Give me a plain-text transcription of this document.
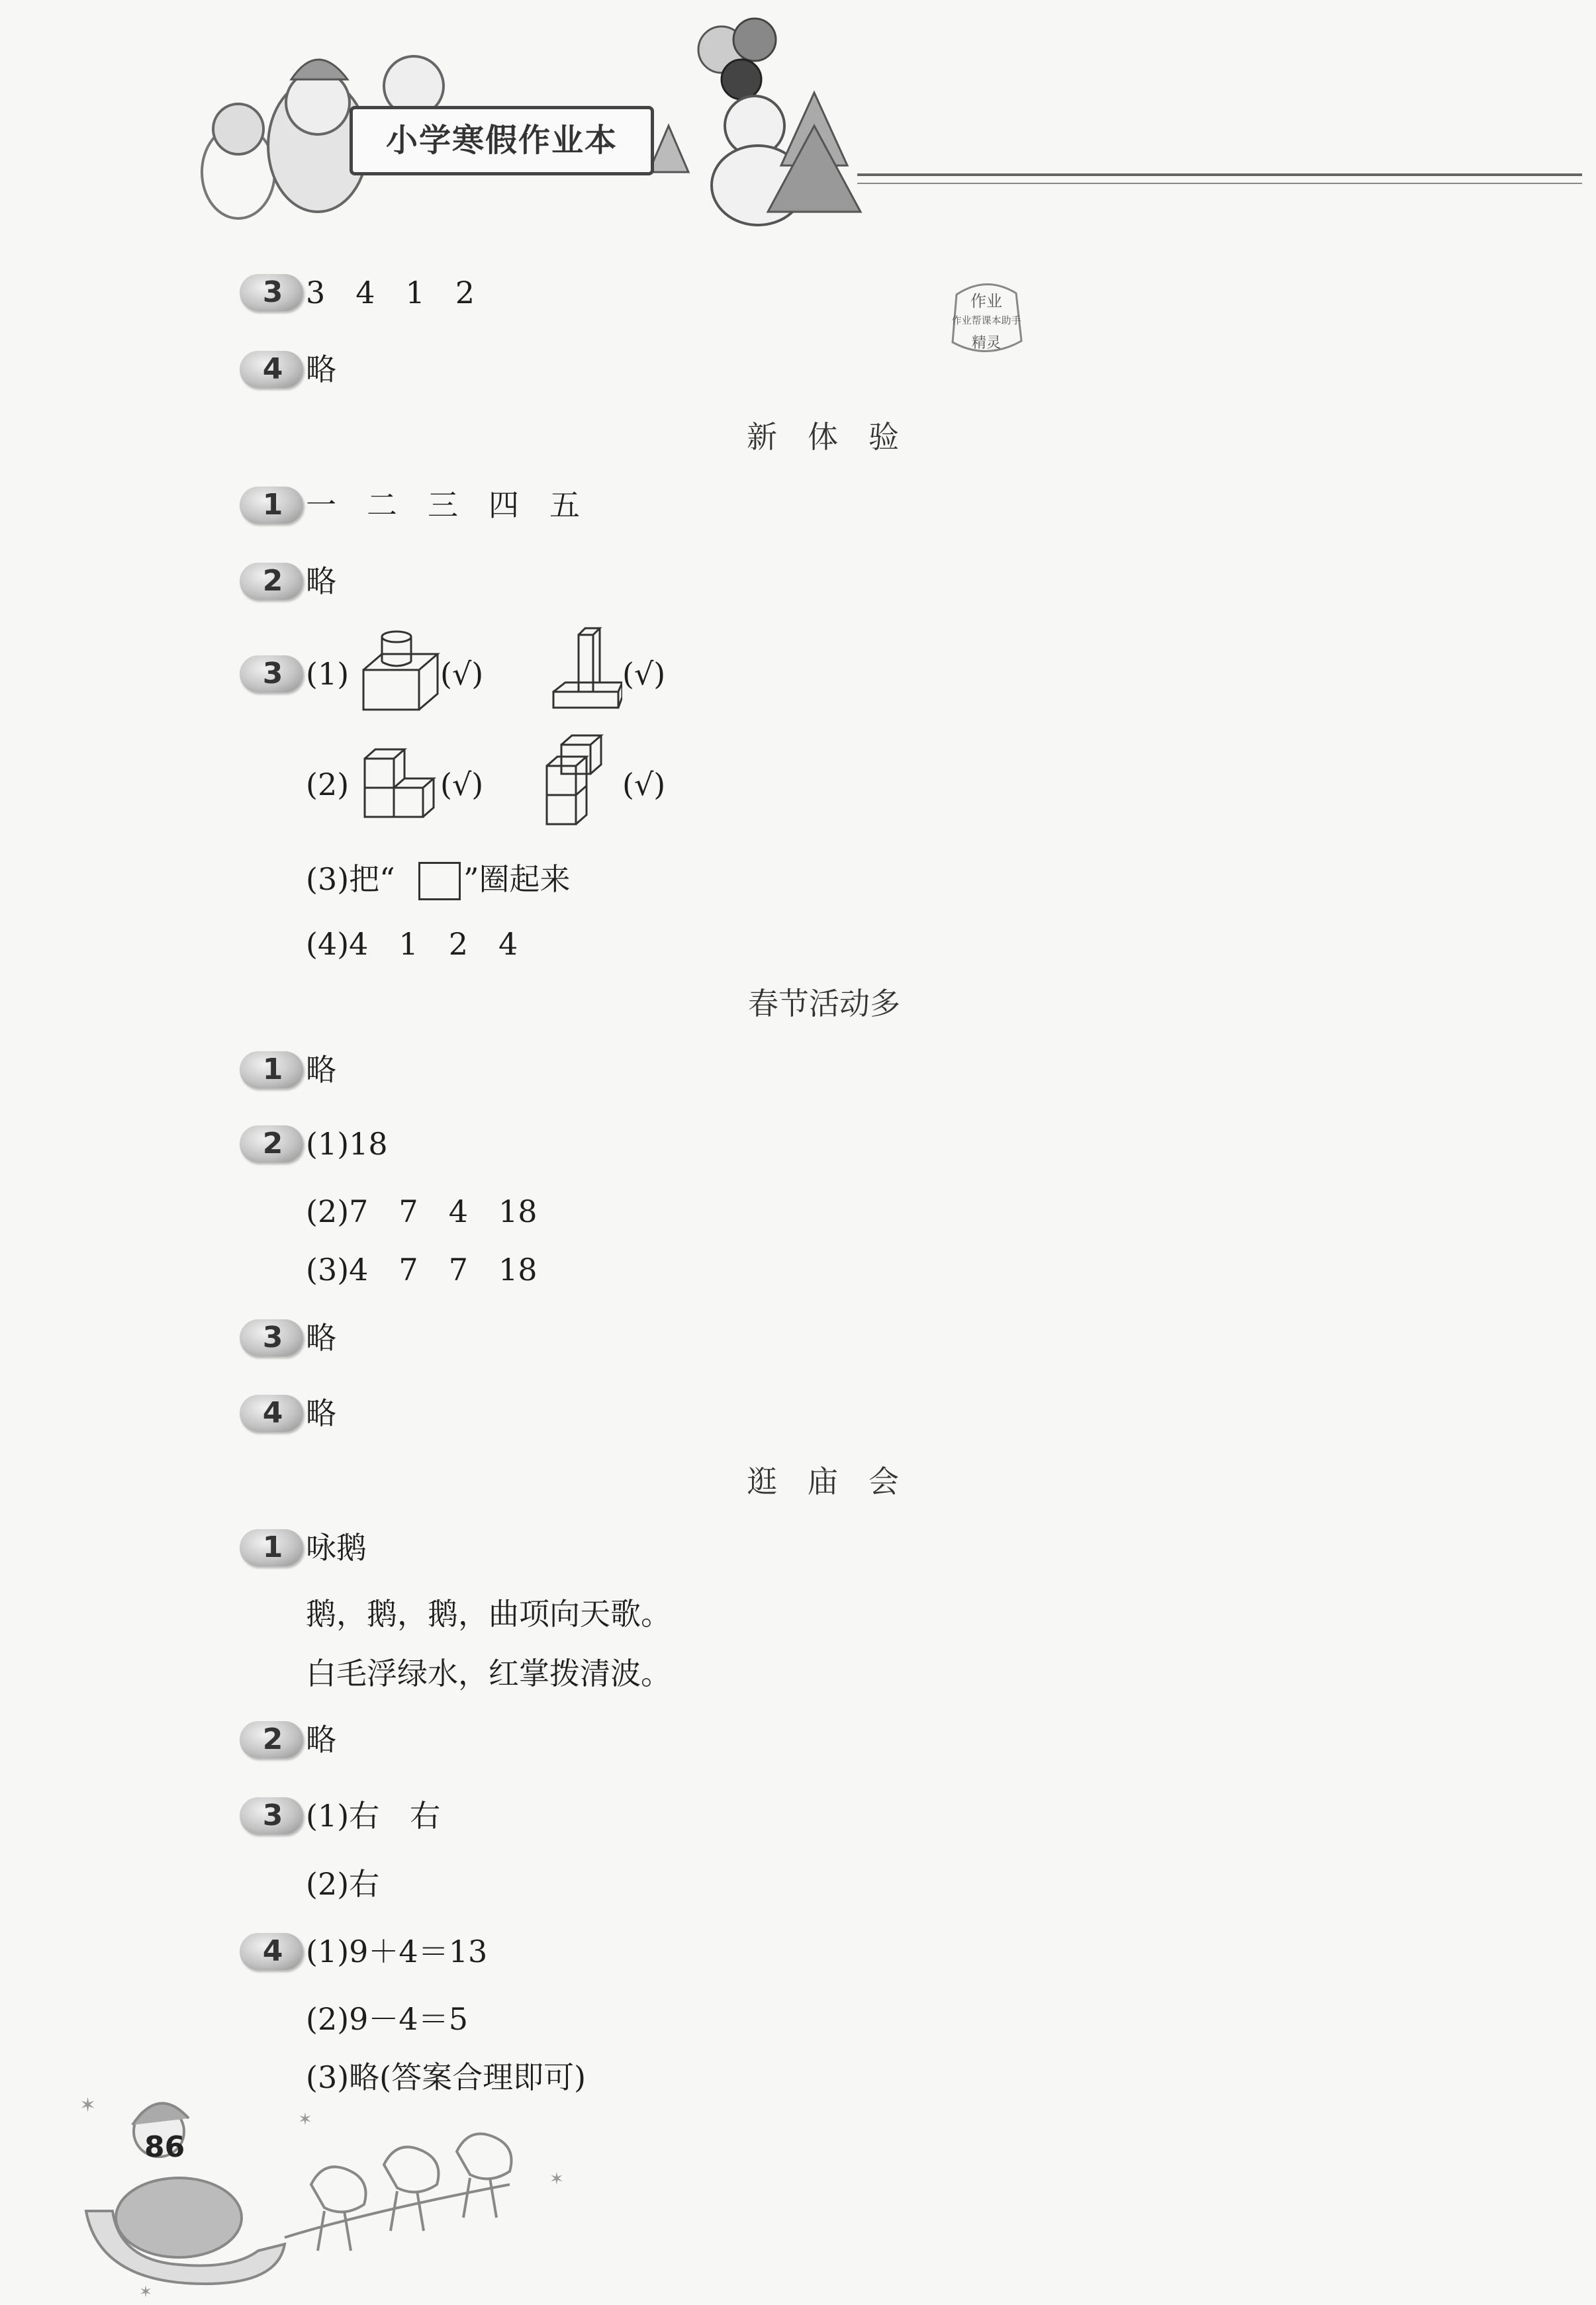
小学寒假作业本
作业
作业帮课本助手
精灵
3 3　4　1　2
4 略
新　体　验
1 一　二　三　四　五
2 略
3 (1)	(√)	(√)
(2)	(√)	(√)
(3)把“ ”圈起来
(4)4　1　2　4
春节活动多
1 略
2 (1)18
(2)7　7　4　18
(3)4　7　7　18
3 略
4 略
逛　庙　会
1 咏鹅
鹅，鹅，鹅，曲项向天歌。
白毛浮绿水，红掌拨清波。
2 略
3 (1)右　右
(2)右
4 (1)9＋4＝13
(2)9－4＝5
(3)略(答案合理即可)
✶
✶
✶
✶
86
